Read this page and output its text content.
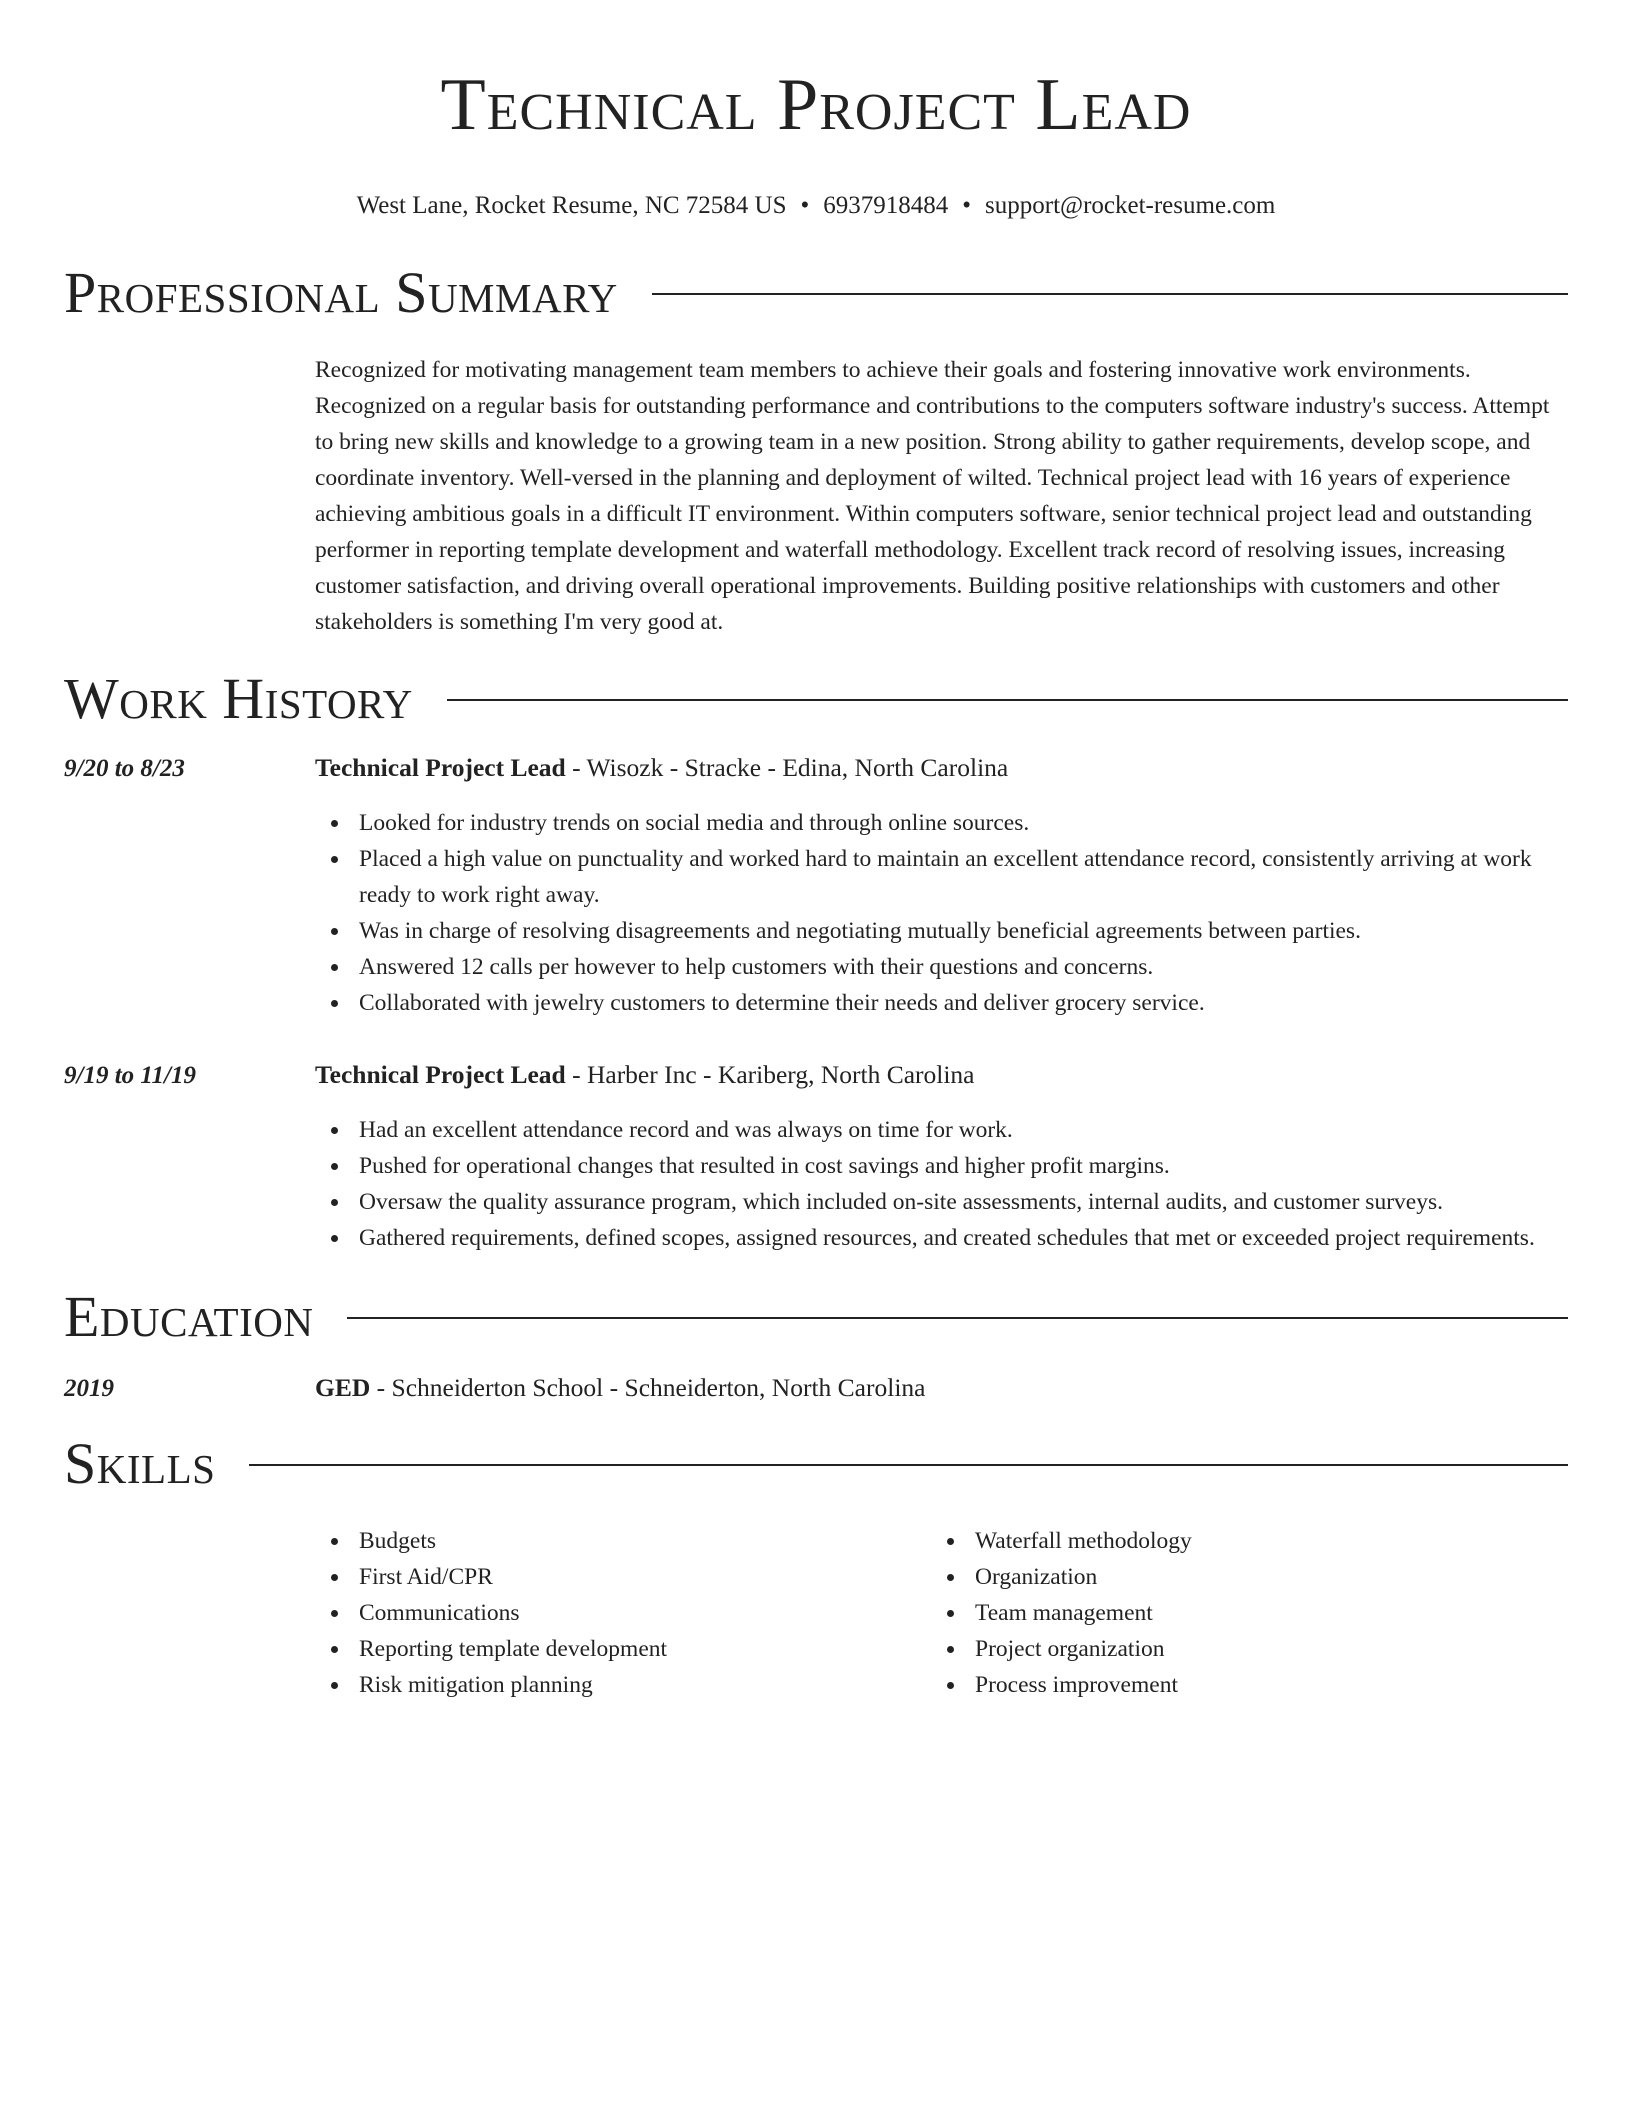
Technical Project Lead
West Lane, Rocket Resume, NC 72584 US • 6937918484 • support@rocket-resume.com
Professional Summary

Recognized for motivating management team members to achieve their goals and fostering innovative work environments. Recognized on a regular basis for outstanding performance and contributions to the computers software industry's success. Attempt to bring new skills and knowledge to a growing team in a new position. Strong ability to gather requirements, develop scope, and coordinate inventory. Well-versed in the planning and deployment of wilted. Technical project lead with 16 years of experience achieving ambitious goals in a difficult IT environment. Within computers software, senior technical project lead and outstanding performer in reporting template development and waterfall methodology. Excellent track record of resolving issues, increasing customer satisfaction, and driving overall operational improvements. Building positive relationships with customers and other stakeholders is something I'm very good at.

Work History
9/20 to 8/23	Technical Project Lead - Wisozk - Stracke - Edina, North Carolina
Looked for industry trends on social media and through online sources.
Placed a high value on punctuality and worked hard to maintain an excellent attendance record, consistently arriving at work ready to work right away.
Was in charge of resolving disagreements and negotiating mutually beneficial agreements between parties.
Answered 12 calls per however to help customers with their questions and concerns.
Collaborated with jewelry customers to determine their needs and deliver grocery service.
9/19 to 11/19	Technical Project Lead - Harber Inc - Kariberg, North Carolina
Had an excellent attendance record and was always on time for work.
Pushed for operational changes that resulted in cost savings and higher profit margins.
Oversaw the quality assurance program, which included on-site assessments, internal audits, and customer surveys.
Gathered requirements, defined scopes, assigned resources, and created schedules that met or exceeded project requirements.
Education
2019	GED - Schneiderton School - Schneiderton, North Carolina
Skills
Budgets
First Aid/CPR
Communications
Reporting template development
Risk mitigation planning
Waterfall methodology
Organization
Team management
Project organization
Process improvement
